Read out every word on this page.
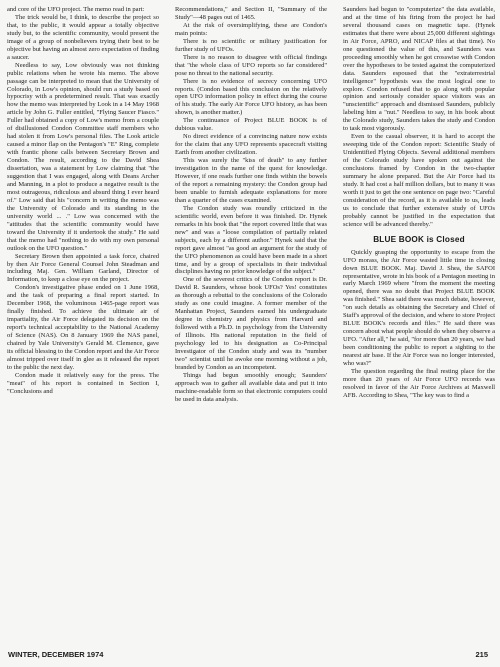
and core of the UFO project. The memo read in part:

The trick would be, I think, to describe the project so that, to the public, it would appear a totally objective study but, to the scientific community, would present the image of a group of nonbelievers trying their best to be objective but having an almost zero expectation of finding a saucer.

Needless to say, Low obviously was not thinking public relations when he wrote his memo. The above passage can be interpreted to mean that the University of Colorado, in Low's opinion, should run a study based on hypocrisy with a predetermined result. That was exactly how the memo was interpreted by Look in a 14 May 1968 article by John G. Fuller entitled, "Flying Saucer Fiasco." Fuller had obtained a copy of Low's memo from a couple of disillusioned Condon Committee staff members who had stolen it from Low's personal files. The Look article caused a minor flap on the Pentagon's "E" Ring, complete with frantic phone calls between Secretary Brown and Condon. The result, according to the David Shea dissertation, was a statement by Low claiming that "the suggestion that I was engaged, along with Deans Archer and Manning, in a plot to produce a negative result is the most outrageous, ridiculous and absurd thing I ever heard of." Low said that his "concern in writing the memo was the University of Colorado and its standing in the university world ... ." Low was concerned with the "attitudes that the scientific community would have toward the University if it undertook the study." He said that the memo had "nothing to do with my own personal outlook on the UFO question."

Secretary Brown then appointed a task force, chaired by then Air Force General Counsel John Steadman and including Maj. Gen. William Garland, Director of Information, to keep a close eye on the project.

Condon's investigative phase ended on 1 June 1968, and the task of preparing a final report started. In December 1968, the voluminous 1465-page report was finally finished. To achieve the ultimate air of impartiality, the Air Force delegated its decision on the report's technical acceptability to the National Academy of Science (NAS). On 8 January 1969 the NAS panel, chaired by Yale University's Gerald M. Clemence, gave its official blessing to the Condon report and the Air Force almost tripped over itself in glee as it released the report to the public the next day.

Condon made it relatively easy for the press. The "meat" of his report is contained in Section I, "Conclusions and

Recommendations," and Section II, "Summary of the Study"—48 pages out of 1465.

At the risk of oversimplifying, these are Condon's main points:

There is no scientific or military justification for further study of UFOs.

There is no reason to disagree with official findings that "the whole class of UFO reports so far considered" pose no threat to the national security.

There is no evidence of secrecy concerning UFO reports. (Condon based this conclusion on the relatively open UFO information policy in effect during the course of his study. The early Air Force UFO history, as has been shown, is another matter.)

The continuance of Project BLUE BOOK is of dubious value.

No direct evidence of a convincing nature now exists for the claim that any UFO represents spacecraft visiting Earth from another civilization.

This was surely the "kiss of death" to any further investigation in the name of the quest for knowledge. However, if one reads further one finds within the bowels of the report a remaining mystery: the Condon group had been unable to furnish adequate explanations for more than a quarter of the cases examined.

The Condon study was roundly criticized in the scientific world, even before it was finished. Dr. Hynek remarks in his book that "the report covered little that was new" and was a "loose compilation of partially related subjects, each by a different author." Hynek said that the report gave almost "as good an argument for the study of the UFO phenomenon as could have been made in a short time, and by a group of specialists in their individual disciplines having no prior knowledge of the subject."

One of the severest critics of the Condon report is Dr. David R. Saunders, whose book UFOs? Yes! constitutes as thorough a rebuttal to the conclusions of the Colorado study as one could imagine. A former member of the Manhattan Project, Saunders earned his undergraduate degree in chemistry and physics from Harvard and followed with a Ph.D. in psychology from the University of Illinois. His national reputation in the field of psychology led to his designation as Co-Principal Investigator of the Condon study and was its "number two" scientist until he awoke one morning without a job, branded by Condon as an incompetent.

Things had begun smoothly enough; Saunders' approach was to gather all available data and put it into machine-readable form so that electronic computers could be used in data analysis.

Saunders had begun to "computerize" the data available, and at the time of his firing from the project he had several thousand cases on magnetic tape. (Hynek estimates that there were about 25,000 different sightings in Air Force, APRO, and NICAP files at that time). No one questioned the value of this, and Saunders was proceeding smoothly when he got crosswise with Condon over the hypotheses to be tested against the computerized data. Saunders espoused that the "extraterrestrial intelligence" hypothesis was the most logical one to explore. Condon refused that to go along with popular opinion and seriously consider space visitors was an "unscientific" approach and dismissed Saunders, publicly labeling him a "nut." Needless to say, in his book about the Colorado study, Saunders takes the study and Condon to task most vigorously.

Even to the casual observer, it is hard to accept the sweeping tide of the Condon report: Scientific Study of Unidentified Flying Objects. Several additional members of the Colorado study have spoken out against the conclusions framed by Condon in the two-chapter summary he alone prepared. But the Air Force had its study. It had cost a half million dollars, but to many it was worth it just to get the one sentence on page two: "Careful consideration of the record, as it is available to us, leads us to conclude that further extensive study of UFOs probably cannot be justified in the expectation that science will be advanced thereby."

BLUE BOOK is Closed

Quickly grasping the opportunity to escape from the UFO morass, the Air Force wasted little time in closing down BLUE BOOK. Maj. David J. Shea, the SAFOI representative, wrote in his book of a Pentagon meeting in early March 1969 where "from the moment the meeting opened, there was no doubt that Project BLUE BOOK was finished." Shea said there was much debate, however, "on such details as obtaining the Secretary and Chief of Staff's approval of the decision, and where to store Project BLUE BOOK's records and files." He said there was concern about what people should do when they observe a UFO. "After all," he said, "for more than 20 years, we had been conditioning the public to report a sighting to the nearest air base. If the Air Force was no longer interested, who was?"

The question regarding the final resting place for the more than 20 years of Air Force UFO records was resolved in favor of the Air Force Archives at Maxwell AFB. According to Shea, "The key was to find a

WINTER, DECEMBER 1974	215
